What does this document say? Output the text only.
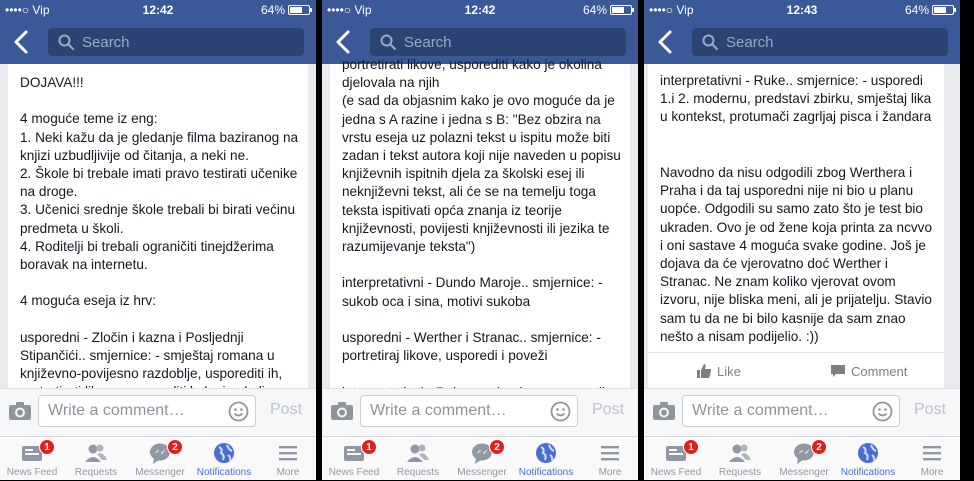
••••○ Vip	12:42	64%
Search
DOJAVA!!!

4 moguće teme iz eng:
1. Neki kažu da je gledanje filma baziranog na knjizi uzbudljivije od čitanja, a neki ne.
2. Škole bi trebale imati pravo testirati učenike na droge.
3. Učenici srednje škole trebali bi birati većinu predmeta u školi.
4. Roditelji bi trebali ograničiti tinejdžerima boravak na internetu.

4 moguća eseja iz hrv:

usporedni - Zločin i kazna i Posljednji Stipančići.. smjernice: - smještaj romana u književno-povijesno razdoblje, usporediti ih,
Write a comment…	Post
1
News Feed	Requests
2
Messenger	Notifications	More
••••○ Vip	12:42	64%
Search
portretirati likove, usporediti kako je okolina djelovala na njih
(e sad da objasnim kako je ovo moguće da je jedna s A razine i jedna s B: "Bez obzira na vrstu eseja uz polazni tekst u ispitu može biti zadan i tekst autora koji nije naveden u popisu književnih ispitnih djela za školski esej ili neknjiževni tekst, ali će se na temelju toga teksta ispitivati opća znanja iz teorije književnosti, povijesti književnosti ili jezika te razumijevanje teksta")

interpretativni - Dundo Maroje.. smjernice: - sukob oca i sina, motivi sukoba

usporedni - Werther i Stranac.. smjernice: - portretiraj likove, usporedi i poveži

Write a comment…	Post
1
News Feed	Requests
2
Messenger	Notifications	More
••••○ Vip	12:43	64%
Search
interpretativni - Ruke.. smjernice: - usporedi 1.i 2. modernu, predstavi zbirku, smještaj lika u kontekst, protumači zagrljaj pisca i žandara
Navodno da nisu odgodili zbog Werthera i Praha i da taj usporedni nije ni bio u planu uopće. Odgodili su samo zato što je test bio ukraden. Ovo je od žene koja printa za ncvvo i oni sastave 4 moguća svake godine. Još je dojava da će vjerovatno doć Werther i Stranac. Ne znam koliko vjerovat ovom izvoru, nije bliska meni, ali je prijatelju. Stavio sam tu da ne bi bilo kasnije da sam znao nešto a nisam podijelio. :))
Like	Comment
Write a comment…	Post
1
News Feed	Requests
2
Messenger	Notifications	More
